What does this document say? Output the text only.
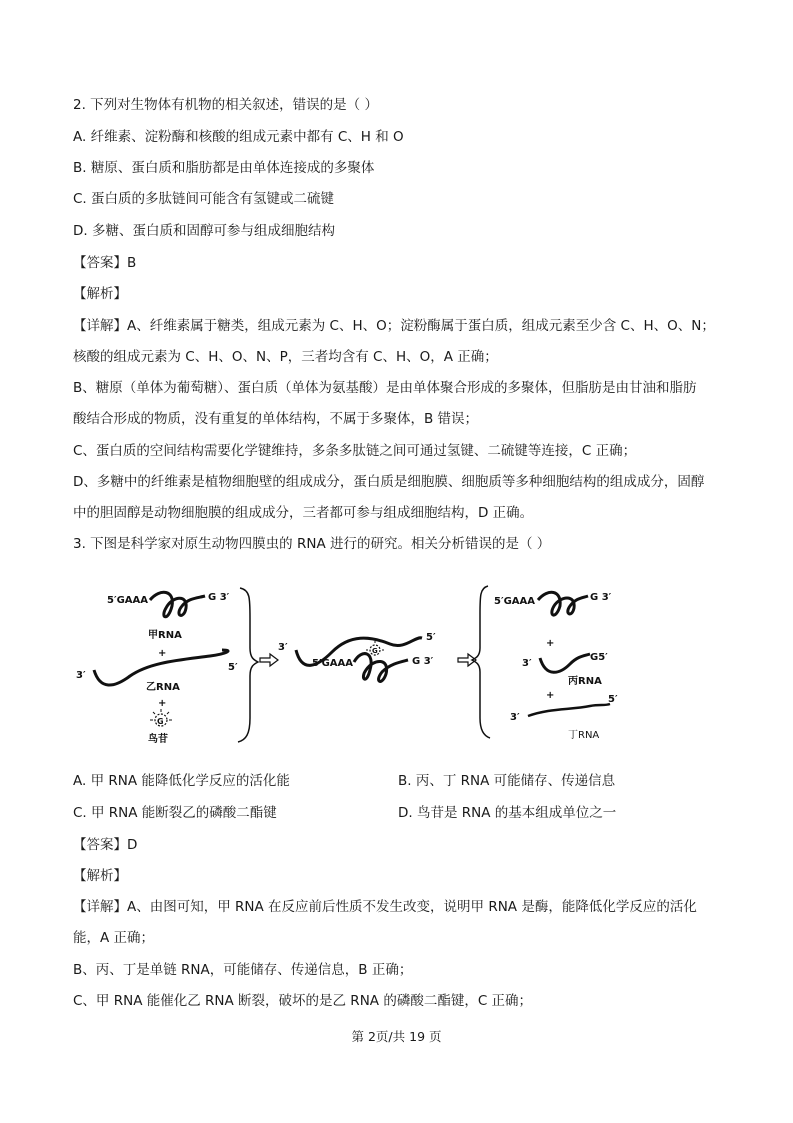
2. 下列对生物体有机物的相关叙述，错误的是（ ）
A. 纤维素、淀粉酶和核酸的组成元素中都有 C、H 和 O
B. 糖原、蛋白质和脂肪都是由单体连接成的多聚体
C. 蛋白质的多肽链间可能含有氢键或二硫键
D. 多糖、蛋白质和固醇可参与组成细胞结构
【答案】B
【解析】
【详解】A、纤维素属于糖类，组成元素为 C、H、O；淀粉酶属于蛋白质，组成元素至少含 C、H、O、N；
核酸的组成元素为 C、H、O、N、P，三者均含有 C、H、O，A 正确；
B、糖原（单体为葡萄糖）、蛋白质（单体为氨基酸）是由单体聚合形成的多聚体，但脂肪是由甘油和脂肪
酸结合形成的物质，没有重复的单体结构，不属于多聚体，B 错误；
C、蛋白质的空间结构需要化学键维持，多条多肽链之间可通过氢键、二硫键等连接，C 正确；
D、多糖中的纤维素是植物细胞壁的组成成分，蛋白质是细胞膜、细胞质等多种细胞结构的组成成分，固醇
中的胆固醇是动物细胞膜的组成成分，三者都可参与组成细胞结构，D 正确。
3. 下图是科学家对原生动物四膜虫的 RNA 进行的研究。相关分析错误的是（ ）
5′GAAA	G 3′
甲RNA
+
3′
5′
乙RNA
+
G
鸟苷
3′
5′
G
5′GAAA	G 3′
5′GAAA	G 3′
+
3′
G5′
丙RNA
+
3′
5′
丁RNA
A. 甲 RNA 能降低化学反应的活化能	B. 丙、丁 RNA 可能储存、传递信息
C. 甲 RNA 能断裂乙的磷酸二酯键	D. 鸟苷是 RNA 的基本组成单位之一
【答案】D
【解析】
【详解】A、由图可知，甲 RNA 在反应前后性质不发生改变，说明甲 RNA 是酶，能降低化学反应的活化
能，A 正确；
B、丙、丁是单链 RNA，可能储存、传递信息，B 正确；
C、甲 RNA 能催化乙 RNA 断裂，破坏的是乙 RNA 的磷酸二酯键，C 正确；
第 2页/共 19 页
